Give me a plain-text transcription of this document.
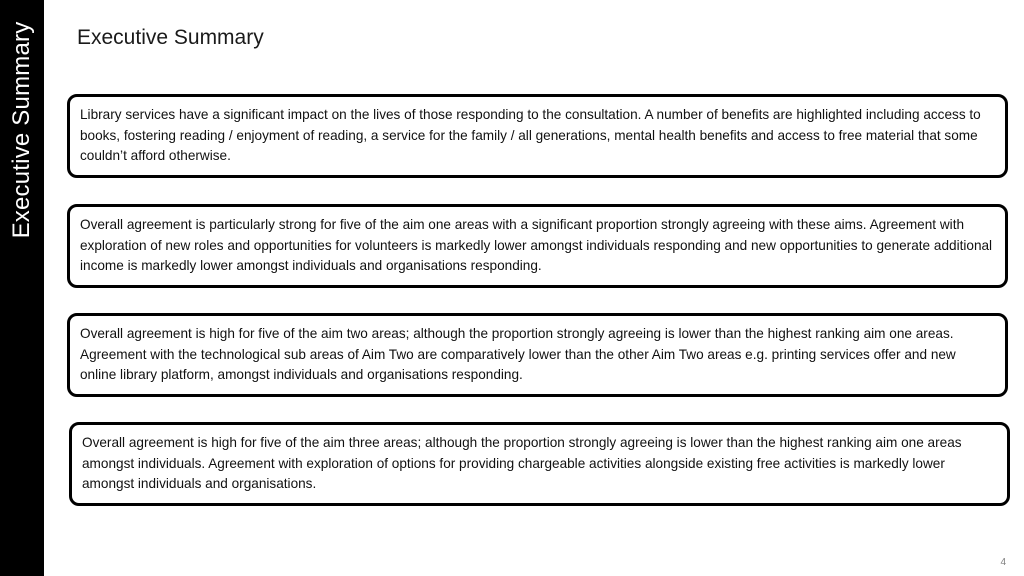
Executive Summary Executive Summary

Library services have a significant impact on the lives of those responding to the consultation. A number of benefits are highlighted including access to books, fostering reading / enjoyment of reading, a service for the family / all generations, mental health benefits and access to free material that some couldn’t afford otherwise.

Overall agreement is particularly strong for five of the aim one areas with a significant proportion strongly agreeing with these aims. Agreement with exploration of new roles and opportunities for volunteers is markedly lower amongst individuals responding and new opportunities to generate additional income is markedly lower amongst individuals and organisations responding.

Overall agreement is high for five of the aim two areas; although the proportion strongly agreeing is lower than the highest ranking aim one areas. Agreement with the technological sub areas of Aim Two are comparatively lower than the other Aim Two areas e.g. printing services offer and new online library platform, amongst individuals and organisations responding.

Overall agreement is high for five of the aim three areas; although the proportion strongly agreeing is lower than the highest ranking aim one areas amongst individuals. Agreement with exploration of options for providing chargeable activities alongside existing free activities is markedly lower amongst individuals and organisations.

4
